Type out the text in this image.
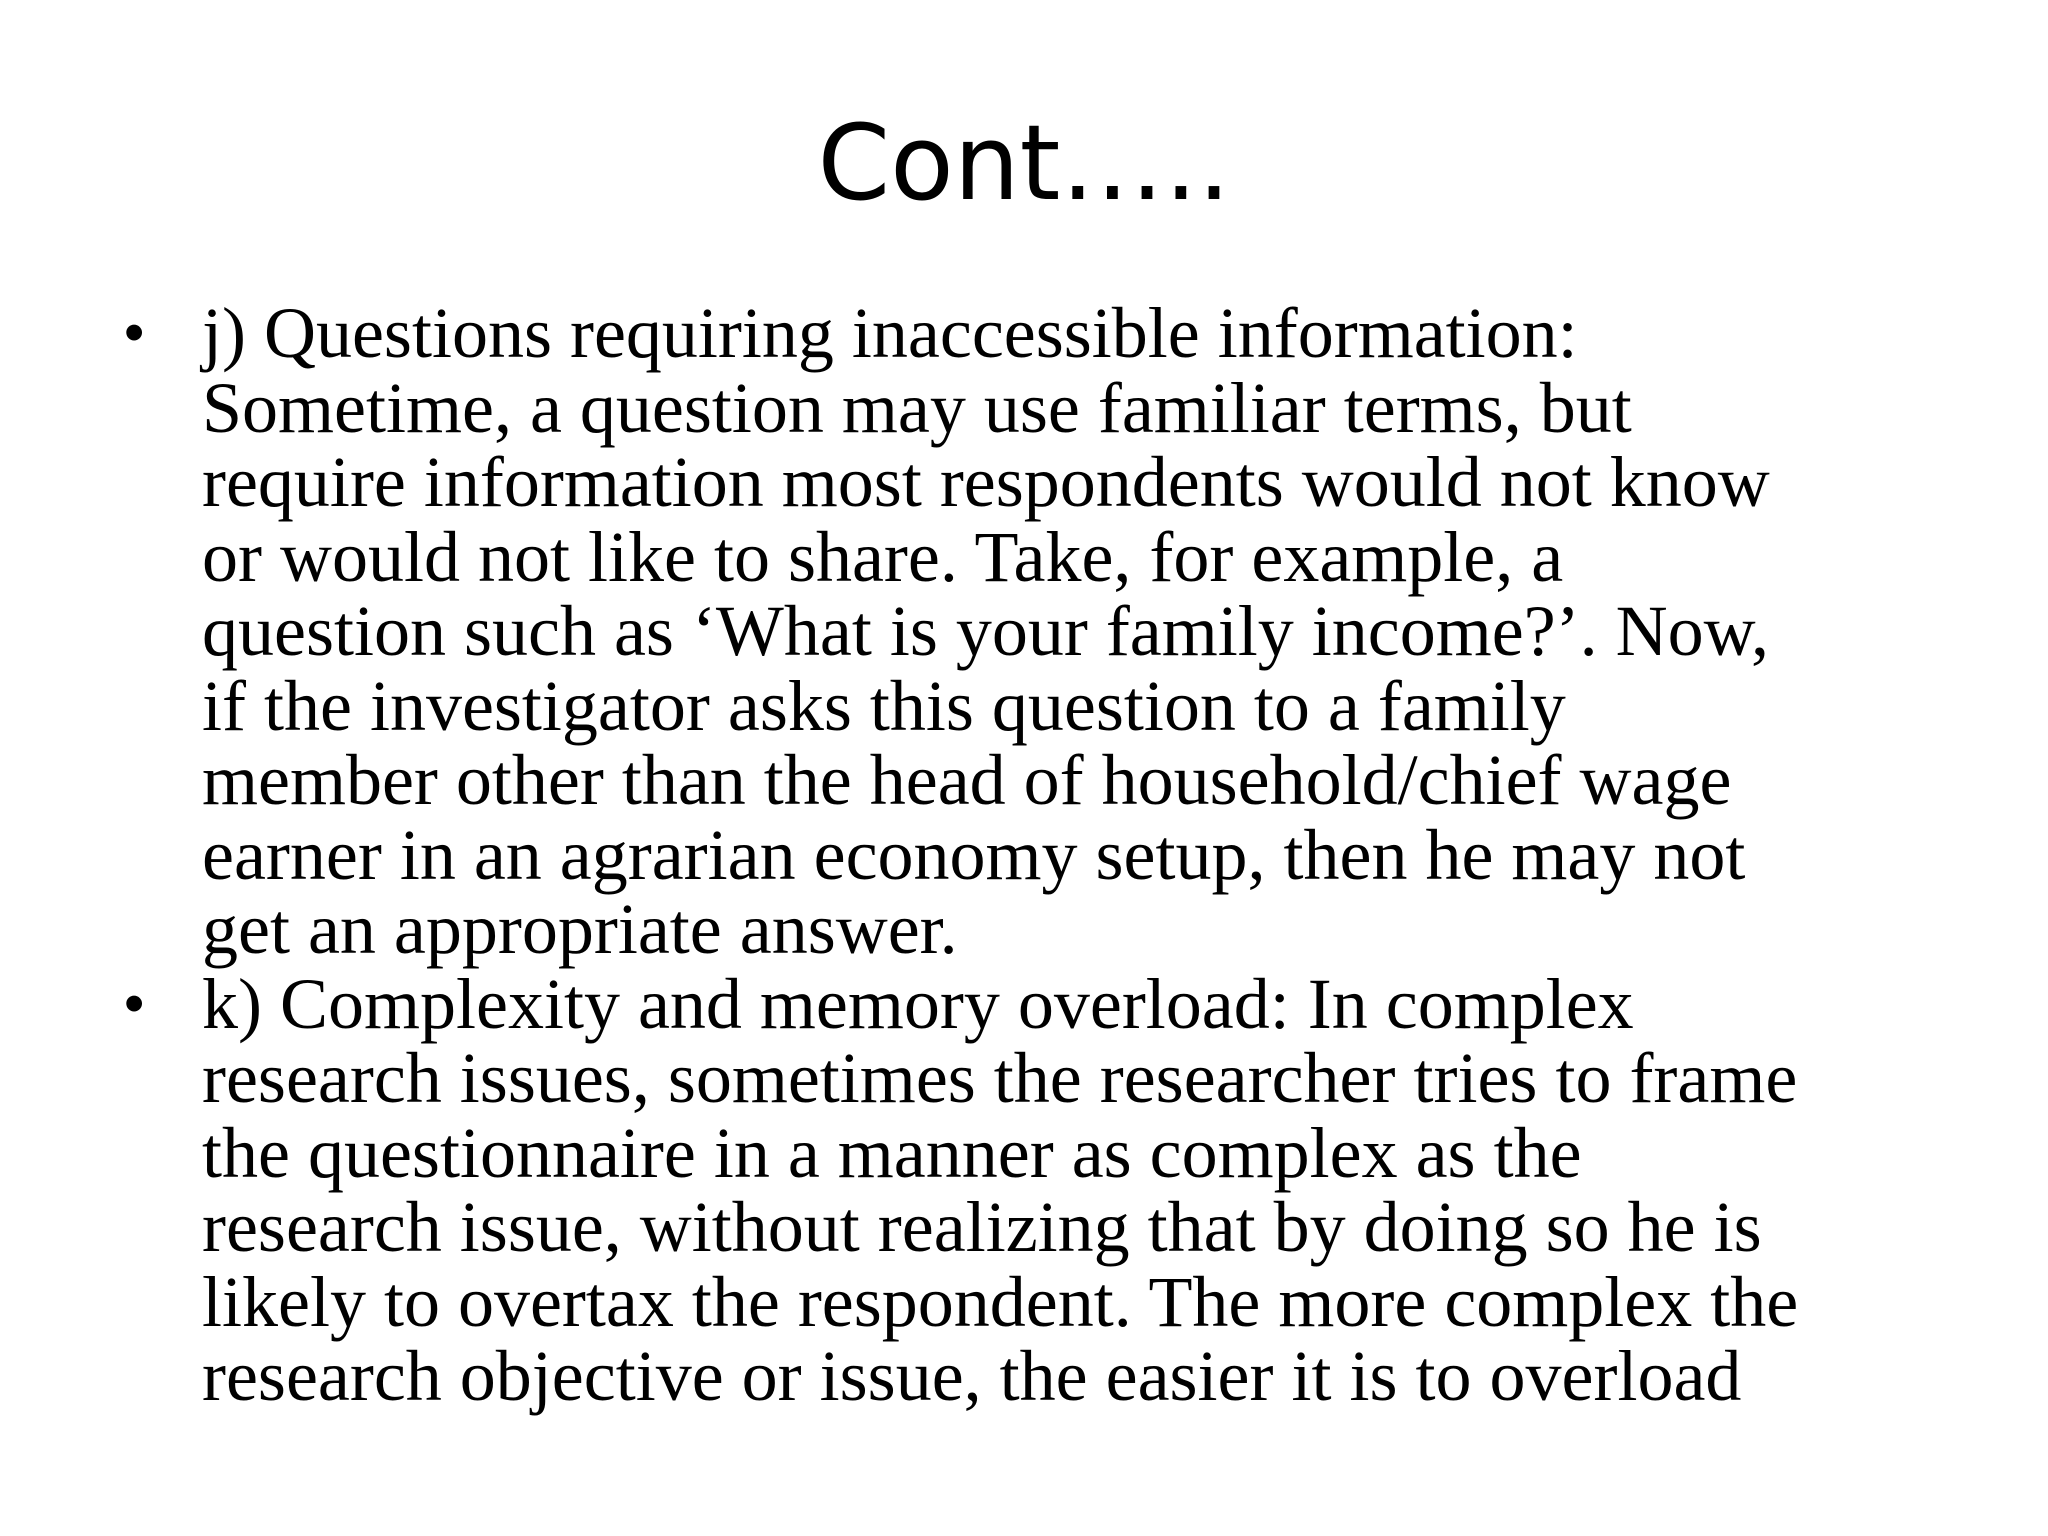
Cont…..
• j) Questions requiring inaccessible information:
Sometime, a question may use familiar terms, but
require information most respondents would not know
or would not like to share. Take, for example, a
question such as ‘What is your family income?’. Now,
if the investigator asks this question to a family
member other than the head of household/chief wage
earner in an agrarian economy setup, then he may not
get an appropriate answer.
• k) Complexity and memory overload: In complex
research issues, sometimes the researcher tries to frame
the questionnaire in a manner as complex as the
research issue, without realizing that by doing so he is
likely to overtax the respondent. The more complex the
research objective or issue, the easier it is to overload
